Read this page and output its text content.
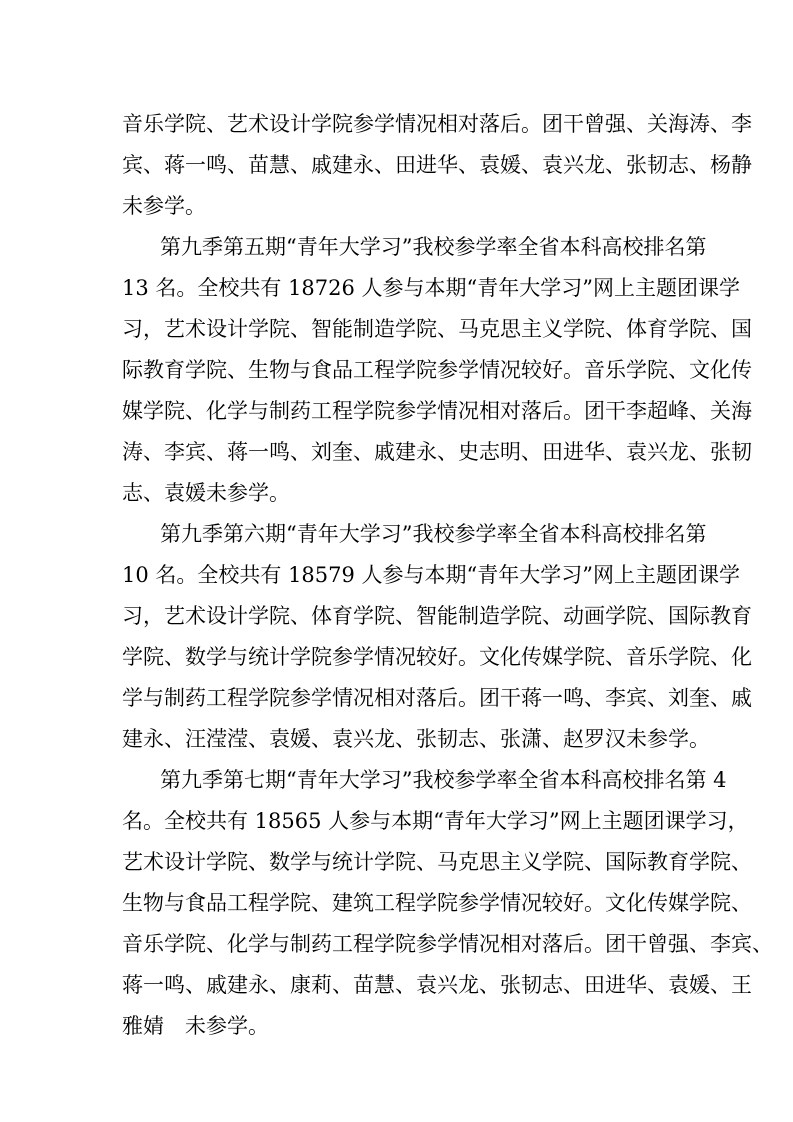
音乐学院、艺术设计学院参学情况相对落后。团干曾强、关海涛、李
宾、蒋一鸣、苗慧、戚建永、田进华、袁媛、袁兴龙、张韧志、杨静
未参学。
第九季第五期“青年大学习”我校参学率全省本科高校排名第
13 名。全校共有 18726 人参与本期“青年大学习”网上主题团课学
习，艺术设计学院、智能制造学院、马克思主义学院、体育学院、国
际教育学院、生物与食品工程学院参学情况较好。音乐学院、文化传
媒学院、化学与制药工程学院参学情况相对落后。团干李超峰、关海
涛、李宾、蒋一鸣、刘奎、戚建永、史志明、田进华、袁兴龙、张韧
志、袁媛未参学。
第九季第六期“青年大学习”我校参学率全省本科高校排名第
10 名。全校共有 18579 人参与本期“青年大学习”网上主题团课学
习，艺术设计学院、体育学院、智能制造学院、动画学院、国际教育
学院、数学与统计学院参学情况较好。文化传媒学院、音乐学院、化
学与制药工程学院参学情况相对落后。团干蒋一鸣、李宾、刘奎、戚
建永、汪滢滢、袁媛、袁兴龙、张韧志、张潇、赵罗汉未参学。
第九季第七期“青年大学习”我校参学率全省本科高校排名第 4
名。全校共有 18565 人参与本期“青年大学习”网上主题团课学习，
艺术设计学院、数学与统计学院、马克思主义学院、国际教育学院、
生物与食品工程学院、建筑工程学院参学情况较好。文化传媒学院、
音乐学院、化学与制药工程学院参学情况相对落后。团干曾强、李宾、
蒋一鸣、戚建永、康莉、苗慧、袁兴龙、张韧志、田进华、袁媛、王
雅婧　未参学。
